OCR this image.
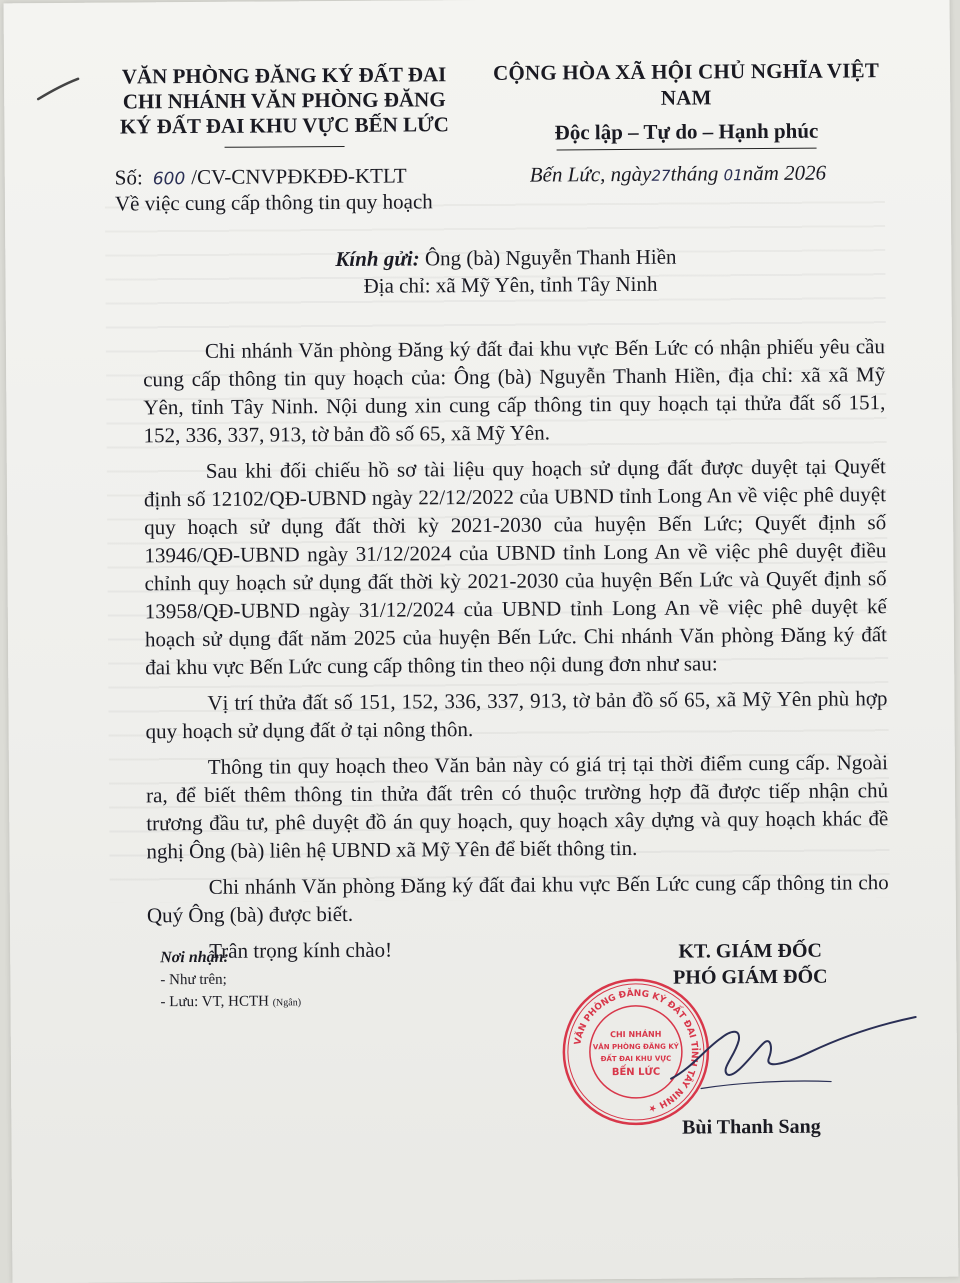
VĂN PHÒNG ĐĂNG KÝ ĐẤT ĐAI
CHI NHÁNH VĂN PHÒNG ĐĂNG
KÝ ĐẤT ĐAI KHU VỰC BẾN LỨC
CỘNG HÒA XÃ HỘI CHỦ NGHĨA VIỆT NAM
Độc lập – Tự do – Hạnh phúc
Số: 600 /CV-CNVPĐKĐĐ-KTLT
Về việc cung cấp thông tin quy hoạch
Bến Lức, ngày27tháng 01năm 2026
Kính gửi: Ông (bà) Nguyễn Thanh Hiền
Địa chỉ: xã Mỹ Yên, tỉnh Tây Ninh

Chi nhánh Văn phòng Đăng ký đất đai khu vực Bến Lức có nhận phiếu yêu cầu cung cấp thông tin quy hoạch của: Ông (bà) Nguyễn Thanh Hiền, địa chỉ: xã xã Mỹ Yên, tỉnh Tây Ninh. Nội dung xin cung cấp thông tin quy hoạch tại thửa đất số 151, 152, 336, 337, 913, tờ bản đồ số 65, xã Mỹ Yên.

Sau khi đối chiếu hồ sơ tài liệu quy hoạch sử dụng đất được duyệt tại Quyết định số 12102/QĐ-UBND ngày 22/12/2022 của UBND tỉnh Long An về việc phê duyệt quy hoạch sử dụng đất thời kỳ 2021-2030 của huyện Bến Lức; Quyết định số 13946/QĐ-UBND ngày 31/12/2024 của UBND tỉnh Long An về việc phê duyệt điều chỉnh quy hoạch sử dụng đất thời kỳ 2021-2030 của huyện Bến Lức và Quyết định số 13958/QĐ-UBND ngày 31/12/2024 của UBND tỉnh Long An về việc phê duyệt kế hoạch sử dụng đất năm 2025 của huyện Bến Lức. Chi nhánh Văn phòng Đăng ký đất đai khu vực Bến Lức cung cấp thông tin theo nội dung đơn như sau:

Vị trí thửa đất số 151, 152, 336, 337, 913, tờ bản đồ số 65, xã Mỹ Yên phù hợp quy hoạch sử dụng đất ở tại nông thôn.

Thông tin quy hoạch theo Văn bản này có giá trị tại thời điểm cung cấp. Ngoài ra, để biết thêm thông tin thửa đất trên có thuộc trường hợp đã được tiếp nhận chủ trương đầu tư, phê duyệt đồ án quy hoạch, quy hoạch xây dựng và quy hoạch khác đề nghị Ông (bà) liên hệ UBND xã Mỹ Yên để biết thông tin.

Chi nhánh Văn phòng Đăng ký đất đai khu vực Bến Lức cung cấp thông tin cho Quý Ông (bà) được biết.

Trân trọng kính chào!

Nơi nhận:
- Như trên;
- Lưu: VT, HCTH (Ngân)
KT. GIÁM ĐỐC
PHÓ GIÁM ĐỐC
Bùi Thanh Sang
VĂN PHÒNG ĐĂNG KÝ ĐẤT ĐAI TỈNH TÂY NINH ★
CHI NHÁNH
VĂN PHÒNG ĐĂNG KÝ
ĐẤT ĐAI KHU VỰC
BẾN LỨC
